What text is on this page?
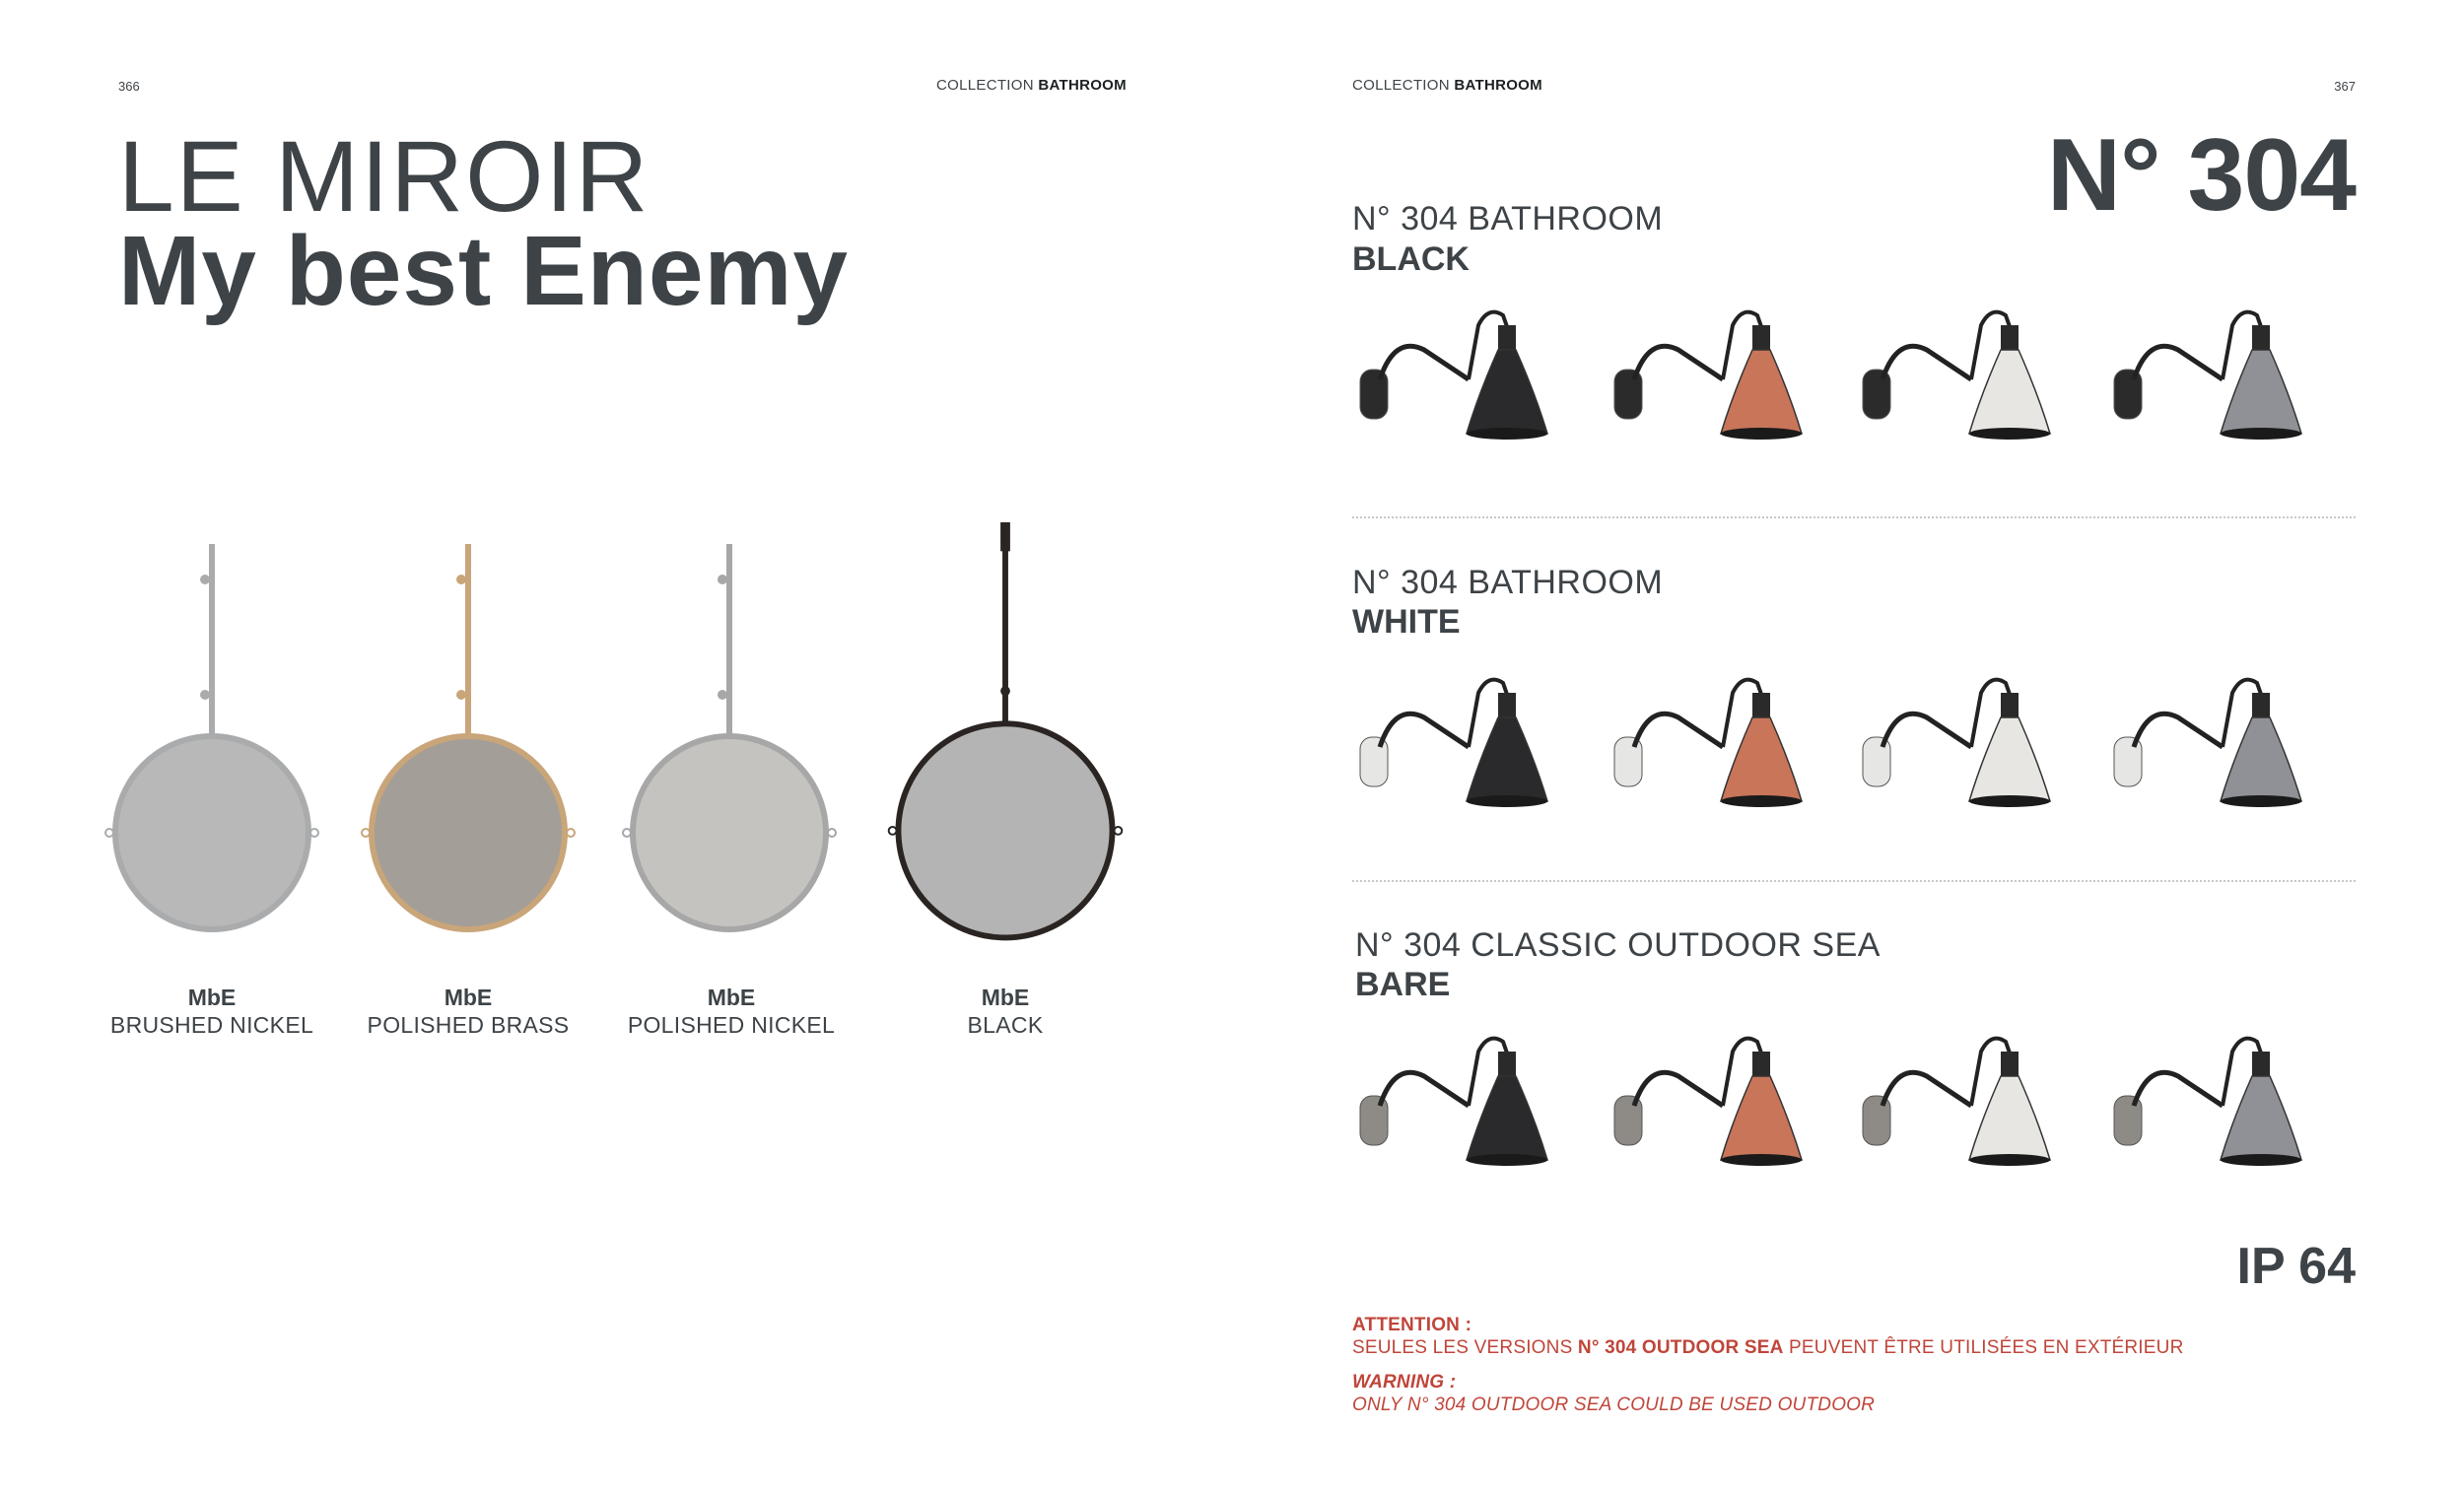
366	COLLECTION BATHROOM
LE MIROIR
My best Enemy
MbE
BRUSHED NICKEL
MbE
POLISHED BRASS
MbE
POLISHED NICKEL
MbE
BLACK
COLLECTION BATHROOM	367
N° 304
N° 304 BATHROOM
BLACK
N° 304 BATHROOM
WHITE
N° 304 CLASSIC OUTDOOR SEA
BARE
IP 64
ATTENTION :
SEULES LES VERSIONS N° 304 OUTDOOR SEA PEUVENT ÊTRE UTILISÉES EN EXTÉRIEUR
WARNING :
ONLY N° 304 OUTDOOR SEA COULD BE USED OUTDOOR
